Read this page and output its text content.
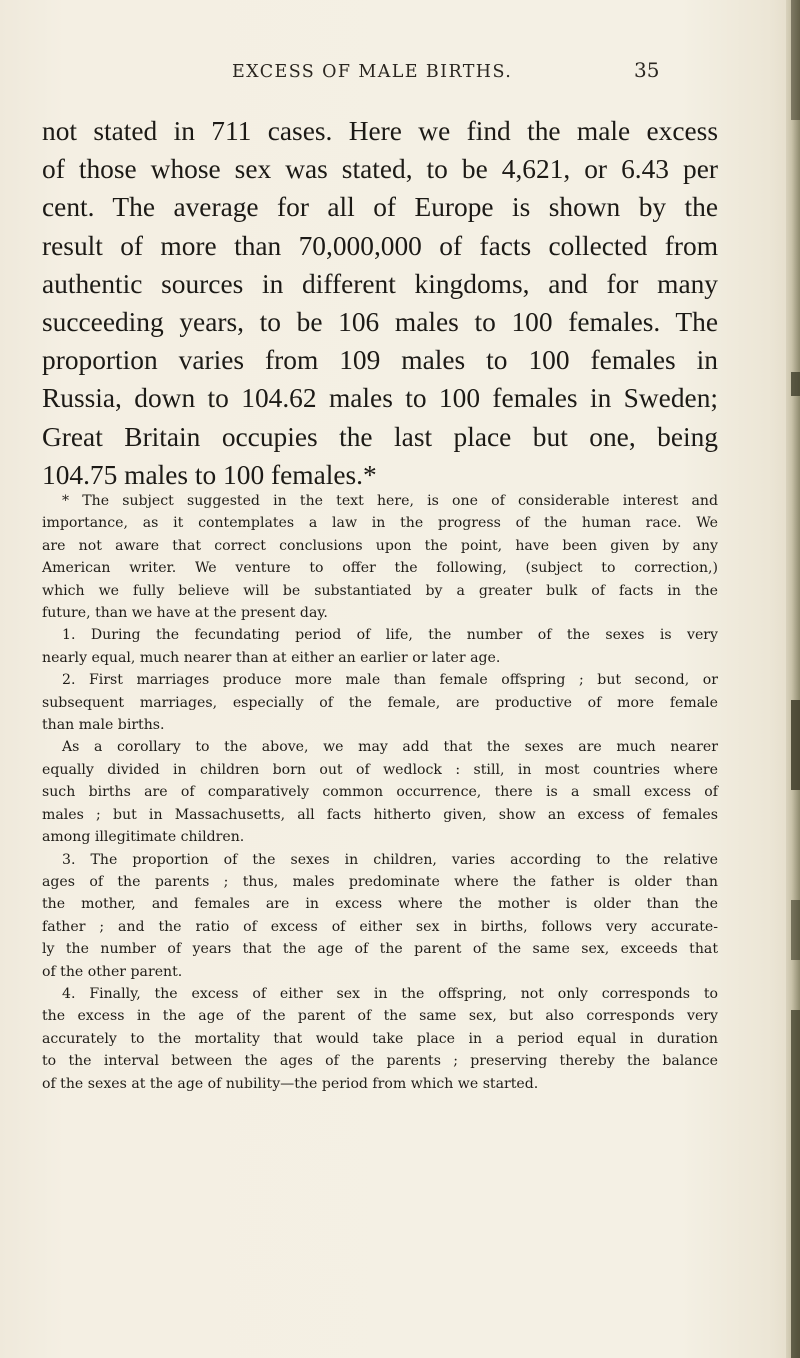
EXCESS OF MALE BIRTHS.	35
not stated in 711 cases. Here we find the male excess
of those whose sex was stated, to be 4,621, or 6.43 per
cent. The average for all of Europe is shown by the
result of more than 70,000,000 of facts collected from
authentic sources in different kingdoms, and for many
succeeding years, to be 106 males to 100 females. The
proportion varies from 109 males to 100 females in
Russia, down to 104.62 males to 100 females in Sweden;
Great Britain occupies the last place but one, being
104.75 males to 100 females.*
* The subject suggested in the text here, is one of considerable interest and
importance, as it contemplates a law in the progress of the human race. We
are not aware that correct conclusions upon the point, have been given by any
American writer. We venture to offer the following, (subject to correction,)
which we fully believe will be substantiated by a greater bulk of facts in the
future, than we have at the present day.
1. During the fecundating period of life, the number of the sexes is very
nearly equal, much nearer than at either an earlier or later age.
2. First marriages produce more male than female offspring ; but second, or
subsequent marriages, especially of the female, are productive of more female
than male births.
As a corollary to the above, we may add that the sexes are much nearer
equally divided in children born out of wedlock : still, in most countries where
such births are of comparatively common occurrence, there is a small excess of
males ; but in Massachusetts, all facts hitherto given, show an excess of females
among illegitimate children.
3. The proportion of the sexes in children, varies according to the relative
ages of the parents ; thus, males predominate where the father is older than
the mother, and females are in excess where the mother is older than the
father ; and the ratio of excess of either sex in births, follows very accurate-
ly the number of years that the age of the parent of the same sex, exceeds that
of the other parent.
4. Finally, the excess of either sex in the offspring, not only corresponds to
the excess in the age of the parent of the same sex, but also corresponds very
accurately to the mortality that would take place in a period equal in duration
to the interval between the ages of the parents ; preserving thereby the balance
of the sexes at the age of nubility—the period from which we started.
